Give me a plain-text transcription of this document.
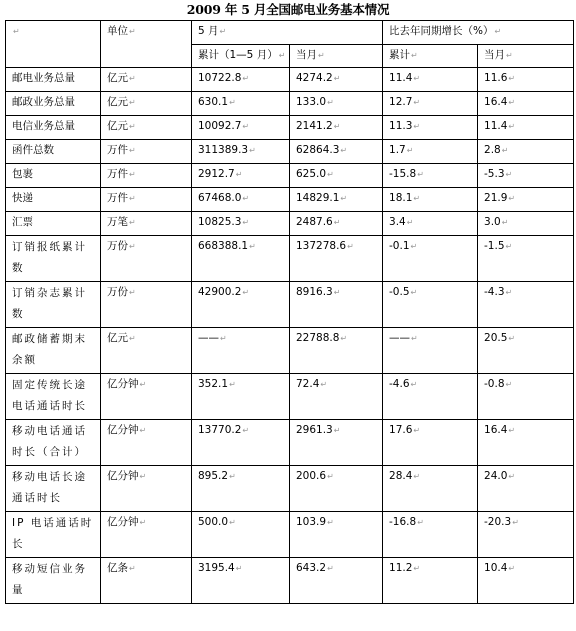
2009 年 5 月全国邮电业务基本情况
↵	单位↵	5 月↵		比去年同期增长（%）↵	
		累计（1—5 月）↵	当月↵	累计↵	当月↵
邮电业务总量	亿元↵	10722.8↵	4274.2↵	11.4↵	11.6↵
邮政业务总量	亿元↵	630.1↵	133.0↵	12.7↵	16.4↵
电信业务总量	亿元↵	10092.7↵	2141.2↵	11.3↵	11.4↵
函件总数	万件↵	311389.3↵	62864.3↵	1.7↵	2.8↵
包裹	万件↵	2912.7↵	625.0↵	-15.8↵	-5.3↵
快递	万件↵	67468.0↵	14829.1↵	18.1↵	21.9↵
汇票	万笔↵	10825.3↵	2487.6↵	3.4↵	3.0↵
订销报纸累计数	万份↵	668388.1↵	137278.6↵	-0.1↵	-1.5↵
订销杂志累计数	万份↵	42900.2↵	8916.3↵	-0.5↵	-4.3↵
邮政储蓄期末余额	亿元↵	——↵	22788.8↵	——↵	20.5↵
固定传统长途电话通话时长	亿分钟↵	352.1↵	72.4↵	-4.6↵	-0.8↵
移动电话通话时长（合计）	亿分钟↵	13770.2↵	2961.3↵	17.6↵	16.4↵
移动电话长途通话时长	亿分钟↵	895.2↵	200.6↵	28.4↵	24.0↵
IP 电话通话时长	亿分钟↵	500.0↵	103.9↵	-16.8↵	-20.3↵
移动短信业务量	亿条↵	3195.4↵	643.2↵	11.2↵	10.4↵
